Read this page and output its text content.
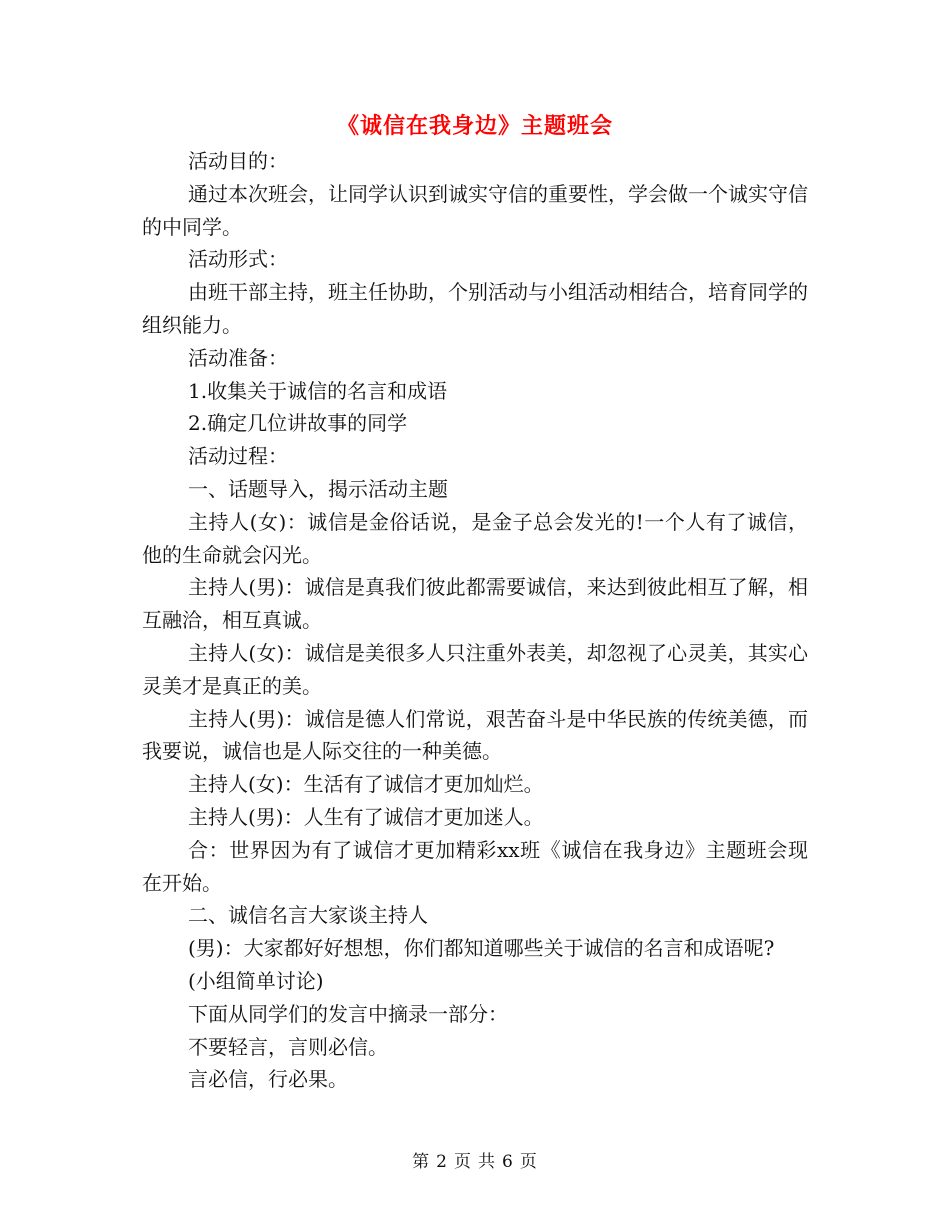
《诚信在我身边》主题班会

活动目的：

通过本次班会，让同学认识到诚实守信的重要性，学会做一个诚实守信的中同学。

活动形式：

由班干部主持，班主任协助，个别活动与小组活动相结合，培育同学的组织能力。

活动准备：

1.收集关于诚信的名言和成语

2.确定几位讲故事的同学

活动过程：

一、话题导入，揭示活动主题

主持人(女)：诚信是金俗话说，是金子总会发光的!一个人有了诚信，他的生命就会闪光。

主持人(男)：诚信是真我们彼此都需要诚信，来达到彼此相互了解，相互融洽，相互真诚。

主持人(女)：诚信是美很多人只注重外表美，却忽视了心灵美，其实心灵美才是真正的美。

主持人(男)：诚信是德人们常说，艰苦奋斗是中华民族的传统美德，而我要说，诚信也是人际交往的一种美德。

主持人(女)：生活有了诚信才更加灿烂。

主持人(男)：人生有了诚信才更加迷人。

合：世界因为有了诚信才更加精彩xx班《诚信在我身边》主题班会现在开始。

二、诚信名言大家谈主持人

(男)：大家都好好想想，你们都知道哪些关于诚信的名言和成语呢?

(小组简单讨论)

下面从同学们的发言中摘录一部分：

不要轻言，言则必信。

言必信，行必果。

第 2 页 共 6 页
